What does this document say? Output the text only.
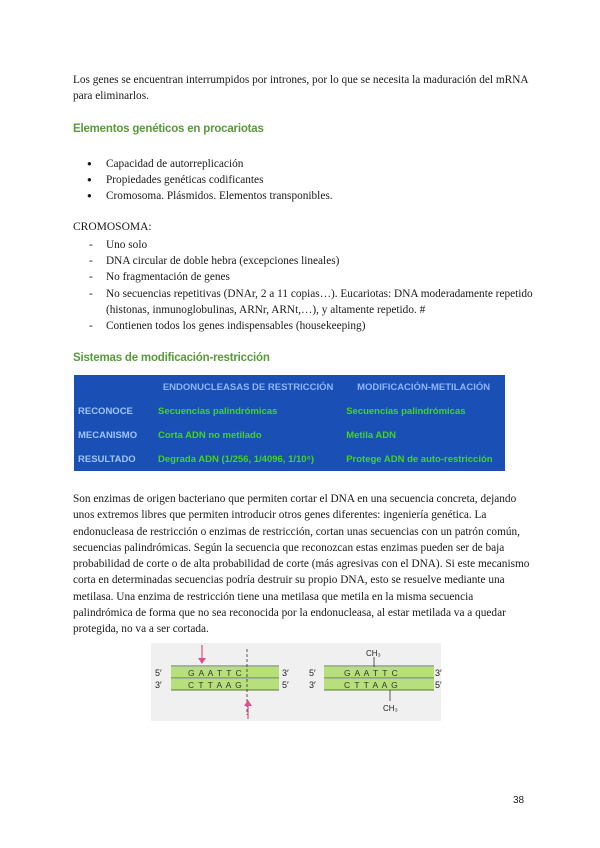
Los genes se encuentran interrumpidos por intrones, por lo que se necesita la maduración del mRNA para eliminarlos.

Elementos genéticos en procariotas

● Capacidad de autorreplicación
● Propiedades genéticas codificantes
● Cromosoma. Plásmidos. Elementos transponibles.

CROMOSOMA:

- Uno solo
- DNA circular de doble hebra (excepciones lineales)
- No fragmentación de genes
- No secuencias repetitivas (DNAr, 2 a 11 copias…). Eucariotas: DNA moderadamente repetido (histonas, inmunoglobulinas, ARNr, ARNt,…), y altamente repetido. #
- Contienen todos los genes indispensables (housekeeping)

Sistemas de modificación-restricción

	ENDONUCLEASAS DE RESTRICCIÓN	MODIFICACIÓN-METILACIÓN
RECONOCE	Secuencias palindrómicas	Secuencias palindrómicas
MECANISMO	Corta ADN no metilado	Metila ADN
RESULTADO	Degrada ADN (1/256, 1/4096, 1/10⁶)	Protege ADN de auto-restricción

Son enzimas de origen bacteriano que permiten cortar el DNA en una secuencia concreta, dejando unos extremos libres que permiten introducir otros genes diferentes: ingeniería genética. La endonucleasa de restricción o enzimas de restricción, cortan unas secuencias con un patrón común, secuencias palindrómicas. Según la secuencia que reconozcan estas enzimas pueden ser de baja probabilidad de corte o de alta probabilidad de corte (más agresivas con el DNA). Si este mecanismo corta en determinadas secuencias podría destruir su propio DNA, esto se resuelve mediante una metilasa. Una enzima de restricción tiene una metilasa que metila en la misma secuencia palindrómica de forma que no sea reconocida por la endonucleasa, al estar metilada va a quedar protegida, no va a ser cortada.

5′	3′
3′	5′
G A A T T C
C T T A A G
5′	3′
3′	5′
G A A T T C
C T T A A G
CH₃
CH₃
38
